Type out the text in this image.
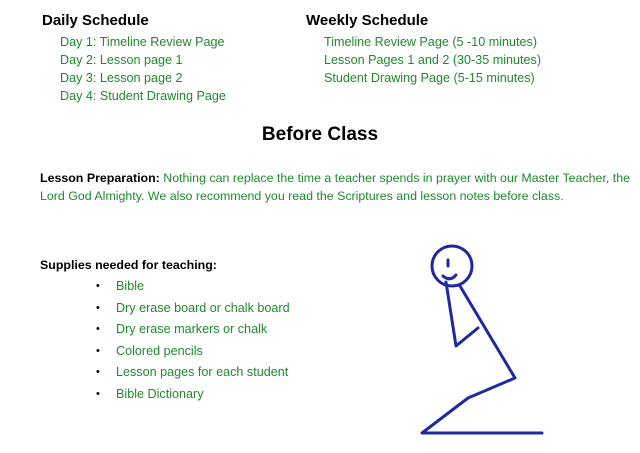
Daily Schedule
Day 1: Timeline Review Page
Day 2: Lesson page 1
Day 3: Lesson page 2
Day 4: Student Drawing Page
Weekly Schedule
Timeline Review Page (5 -10 minutes)
Lesson Pages 1 and 2 (30-35 minutes)
Student Drawing Page (5-15 minutes)
Before Class
Lesson Preparation: Nothing can replace the time a teacher spends in prayer with our Master Teacher, the Lord God Almighty. We also recommend you read the Scriptures and lesson notes before class.
Supplies needed for teaching:
•	Bible
•	Dry erase board or chalk board
•	Dry erase markers or chalk
•	Colored pencils
•	Lesson pages for each student
•	Bible Dictionary
